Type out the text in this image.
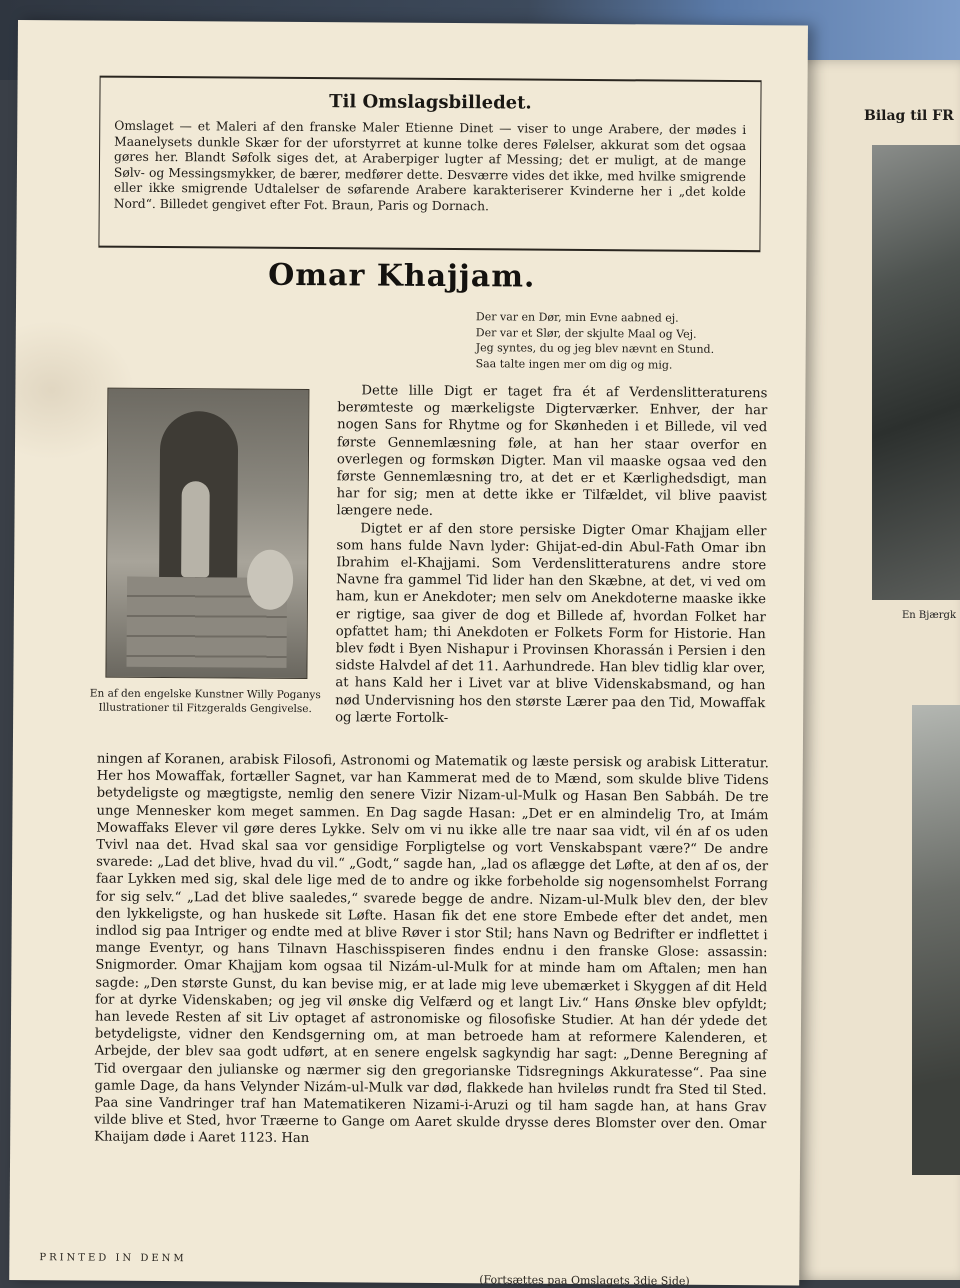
Bilag til FR
En Bjærgk
Til Omslagsbilledet.
Omslaget — et Maleri af den franske Maler Etienne Dinet — viser to unge Arabere, der mødes i Maanelysets dunkle Skær for der uforstyrret at kunne tolke deres Følelser, akkurat som det ogsaa gøres her. Blandt Søfolk siges det, at Araberpiger lugter af Messing; det er muligt, at de mange Sølv- og Messingsmykker, de bærer, medfører dette. Desværre vides det ikke, med hvilke smigrende eller ikke smigrende Udtalelser de søfarende Arabere karakteriserer Kvinderne her i „det kolde Nord“. Billedet gengivet efter Fot. Braun, Paris og Dornach.
Omar Khajjam.
Der var en Dør, min Evne aabned ej.
Der var et Slør, der skjulte Maal og Vej.
Jeg syntes, du og jeg blev nævnt en Stund.
Saa talte ingen mer om dig og mig.
En af den engelske Kunstner Willy Poganys Illustrationer til Fitzgeralds Gengivelse.

Dette lille Digt er taget fra ét af Verdenslitteraturens berømteste og mærkeligste Digterværker. Enhver, der har nogen Sans for Rhytme og for Skønheden i et Billede, vil ved første Gennemlæsning føle, at han her staar overfor en overlegen og formskøn Digter. Man vil maaske ogsaa ved den første Gennemlæsning tro, at det er et Kærlighedsdigt, man har for sig; men at dette ikke er Tilfældet, vil blive paavist længere nede.

Digtet er af den store persiske Digter Omar Khajjam eller som hans fulde Navn lyder: Ghijat-ed-din Abul-Fath Omar ibn Ibrahim el-Khajjami. Som Verdenslitteraturens andre store Navne fra gammel Tid lider han den Skæbne, at det, vi ved om ham, kun er Anekdoter; men selv om Anekdoterne maaske ikke er rigtige, saa giver de dog et Billede af, hvordan Folket har opfattet ham; thi Anekdoten er Folkets Form for Historie. Han blev født i Byen Nishapur i Provinsen Khorassán i Persien i den sidste Halvdel af det 11. Aarhundrede. Han blev tidlig klar over, at hans Kald her i Livet var at blive Videnskabsmand, og han nød Undervisning hos den største Lærer paa den Tid, Mowaffak og lærte Fortolk-

ningen af Koranen, arabisk Filosofi, Astronomi og Matematik og læste persisk og arabisk Litteratur. Her hos Mowaffak, fortæller Sagnet, var han Kammerat med de to Mænd, som skulde blive Tidens betydeligste og mægtigste, nemlig den senere Vizir Nizam-ul-Mulk og Hasan Ben Sabbáh. De tre unge Mennesker kom meget sammen. En Dag sagde Hasan: „Det er en almindelig Tro, at Imám Mowaffaks Elever vil gøre deres Lykke. Selv om vi nu ikke alle tre naar saa vidt, vil én af os uden Tvivl naa det. Hvad skal saa vor gensidige Forpligtelse og vort Venskabspant være?“ De andre svarede: „Lad det blive, hvad du vil.“ „Godt,“ sagde han, „lad os aflægge det Løfte, at den af os, der faar Lykken med sig, skal dele lige med de to andre og ikke forbeholde sig nogensomhelst Forrang for sig selv.“ „Lad det blive saaledes,“ svarede begge de andre. Nizam-ul-Mulk blev den, der blev den lykkeligste, og han huskede sit Løfte. Hasan fik det ene store Embede efter det andet, men indlod sig paa Intriger og endte med at blive Røver i stor Stil; hans Navn og Bedrifter er indflettet i mange Eventyr, og hans Tilnavn Haschisspiseren findes endnu i den franske Glose: assassin: Snigmorder. Omar Khajjam kom ogsaa til Nizám-ul-Mulk for at minde ham om Aftalen; men han sagde: „Den største Gunst, du kan bevise mig, er at lade mig leve ubemærket i Skyggen af dit Held for at dyrke Videnskaben; og jeg vil ønske dig Velfærd og et langt Liv.“ Hans Ønske blev opfyldt; han levede Resten af sit Liv optaget af astronomiske og filosofiske Studier. At han dér ydede det betydeligste, vidner den Kendsgerning om, at man betroede ham at reformere Kalenderen, et Arbejde, der blev saa godt udført, at en senere engelsk sagkyndig har sagt: „Denne Beregning af Tid overgaar den julianske og nærmer sig den gregorianske Tidsregnings Akkuratesse“. Paa sine gamle Dage, da hans Velynder Nizám-ul-Mulk var død, flakkede han hvileløs rundt fra Sted til Sted. Paa sine Vandringer traf han Matematikeren Nizami-i-Aruzi og til ham sagde han, at hans Grav vilde blive et Sted, hvor Træerne to Gange om Aaret skulde drysse deres Blomster over den. Omar Khaijam døde i Aaret 1123. Han

PRINTED IN DENM
(Fortsættes paa Omslagets 3die Side)
